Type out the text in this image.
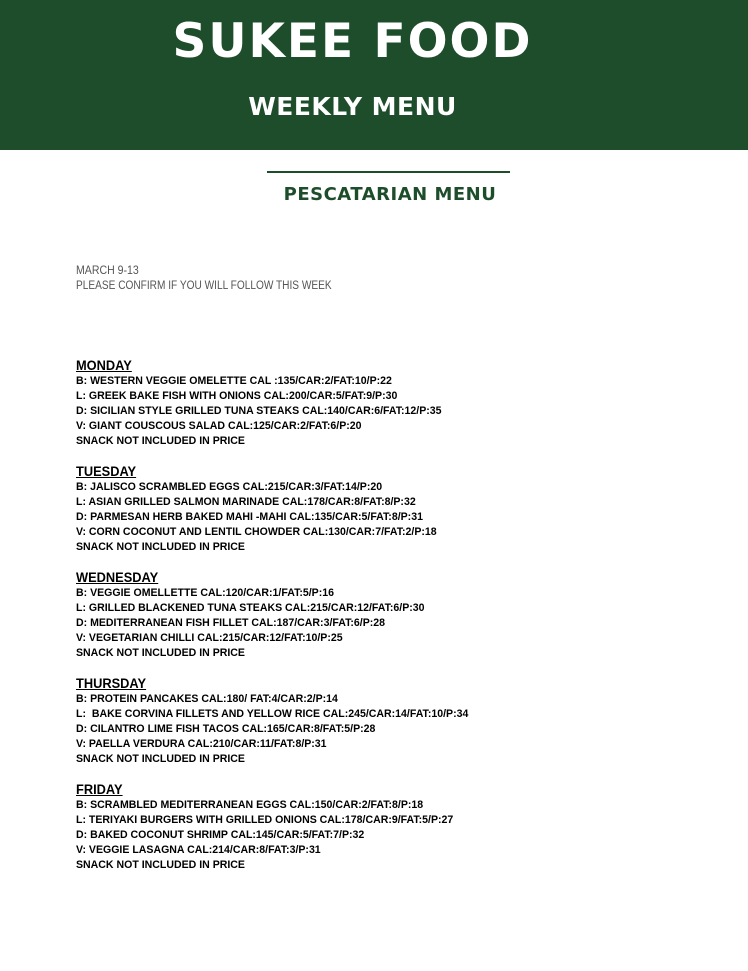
SUKEE FOOD
WEEKLY MENU
PESCATARIAN MENU
MARCH 9-13
PLEASE CONFIRM IF YOU WILL FOLLOW THIS WEEK
MONDAY
B: WESTERN VEGGIE OMELETTE CAL :135/CAR:2/FAT:10/P:22
L: GREEK BAKE FISH WITH ONIONS CAL:200/CAR:5/FAT:9/P:30
D: SICILIAN STYLE GRILLED TUNA STEAKS CAL:140/CAR:6/FAT:12/P:35
V: GIANT COUSCOUS SALAD CAL:125/CAR:2/FAT:6/P:20
SNACK NOT INCLUDED IN PRICE
TUESDAY
B: JALISCO SCRAMBLED EGGS CAL:215/CAR:3/FAT:14/P:20
L: ASIAN GRILLED SALMON MARINADE CAL:178/CAR:8/FAT:8/P:32
D: PARMESAN HERB BAKED MAHI -MAHI CAL:135/CAR:5/FAT:8/P:31
V: CORN COCONUT AND LENTIL CHOWDER CAL:130/CAR:7/FAT:2/P:18
SNACK NOT INCLUDED IN PRICE
WEDNESDAY
B: VEGGIE OMELLETTE CAL:120/CAR:1/FAT:5/P:16
L: GRILLED BLACKENED TUNA STEAKS CAL:215/CAR:12/FAT:6/P:30
D: MEDITERRANEAN FISH FILLET CAL:187/CAR:3/FAT:6/P:28
V: VEGETARIAN CHILLI CAL:215/CAR:12/FAT:10/P:25
SNACK NOT INCLUDED IN PRICE
THURSDAY
B: PROTEIN PANCAKES CAL:180/ FAT:4/CAR:2/P:14
L:  BAKE CORVINA FILLETS AND YELLOW RICE CAL:245/CAR:14/FAT:10/P:34
D: CILANTRO LIME FISH TACOS CAL:165/CAR:8/FAT:5/P:28
V: PAELLA VERDURA CAL:210/CAR:11/FAT:8/P:31
SNACK NOT INCLUDED IN PRICE
FRIDAY
B: SCRAMBLED MEDITERRANEAN EGGS CAL:150/CAR:2/FAT:8/P:18
L: TERIYAKI BURGERS WITH GRILLED ONIONS CAL:178/CAR:9/FAT:5/P:27
D: BAKED COCONUT SHRIMP CAL:145/CAR:5/FAT:7/P:32
V: VEGGIE LASAGNA CAL:214/CAR:8/FAT:3/P:31
SNACK NOT INCLUDED IN PRICE
